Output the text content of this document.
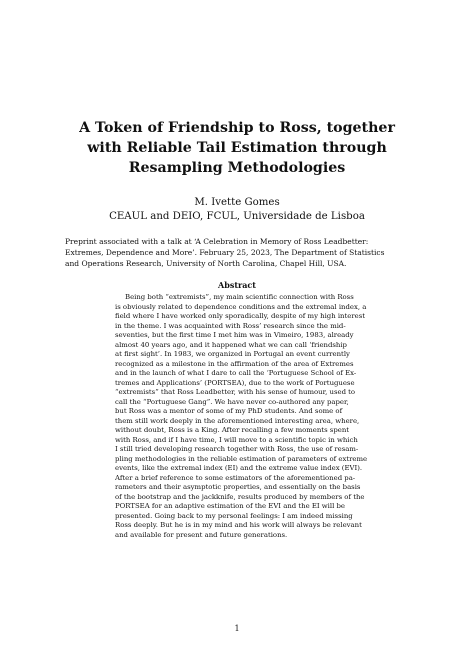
A Token of Friendship to Ross, together
with Reliable Tail Estimation through
Resampling Methodologies
M. Ivette Gomes
CEAUL and DEIO, FCUL, Universidade de Lisboa
Preprint associated with a talk at ‘A Celebration in Memory of Ross Leadbetter:
Extremes, Dependence and More’. February 25, 2023, The Department of Statistics
and Operations Research, University of North Carolina, Chapel Hill, USA.
Abstract
Being both “extremists”, my main scientific connection with Ross
is obviously related to dependence conditions and the extremal index, a
field where I have worked only sporadically, despite of my high interest
in the theme. I was acquainted with Ross’ research since the mid-
seventies, but the first time I met him was in Vimeiro, 1983, already
almost 40 years ago, and it happened what we can call ‘friendship
at first sight’. In 1983, we organized in Portugal an event currently
recognized as a milestone in the affirmation of the area of Extremes
and in the launch of what I dare to call the ‘Portuguese School of Ex-
tremes and Applications’ (PORTSEA), due to the work of Portuguese
“extremists” that Ross Leadbetter, with his sense of humour, used to
call the “Portuguese Gang”. We have never co-authored any paper,
but Ross was a mentor of some of my PhD students. And some of
them still work deeply in the aforementioned interesting area, where,
without doubt, Ross is a King. After recalling a few moments spent
with Ross, and if I have time, I will move to a scientific topic in which
I still tried developing research together with Ross, the use of resam-
pling methodologies in the reliable estimation of parameters of extreme
events, like the extremal index (EI) and the extreme value index (EVI).
After a brief reference to some estimators of the aforementioned pa-
rameters and their asymptotic properties, and essentially on the basis
of the bootstrap and the jackknife, results produced by members of the
PORTSEA for an adaptive estimation of the EVI and the EI will be
presented. Going back to my personal feelings: I am indeed missing
Ross deeply. But he is in my mind and his work will always be relevant
and available for present and future generations.
1
